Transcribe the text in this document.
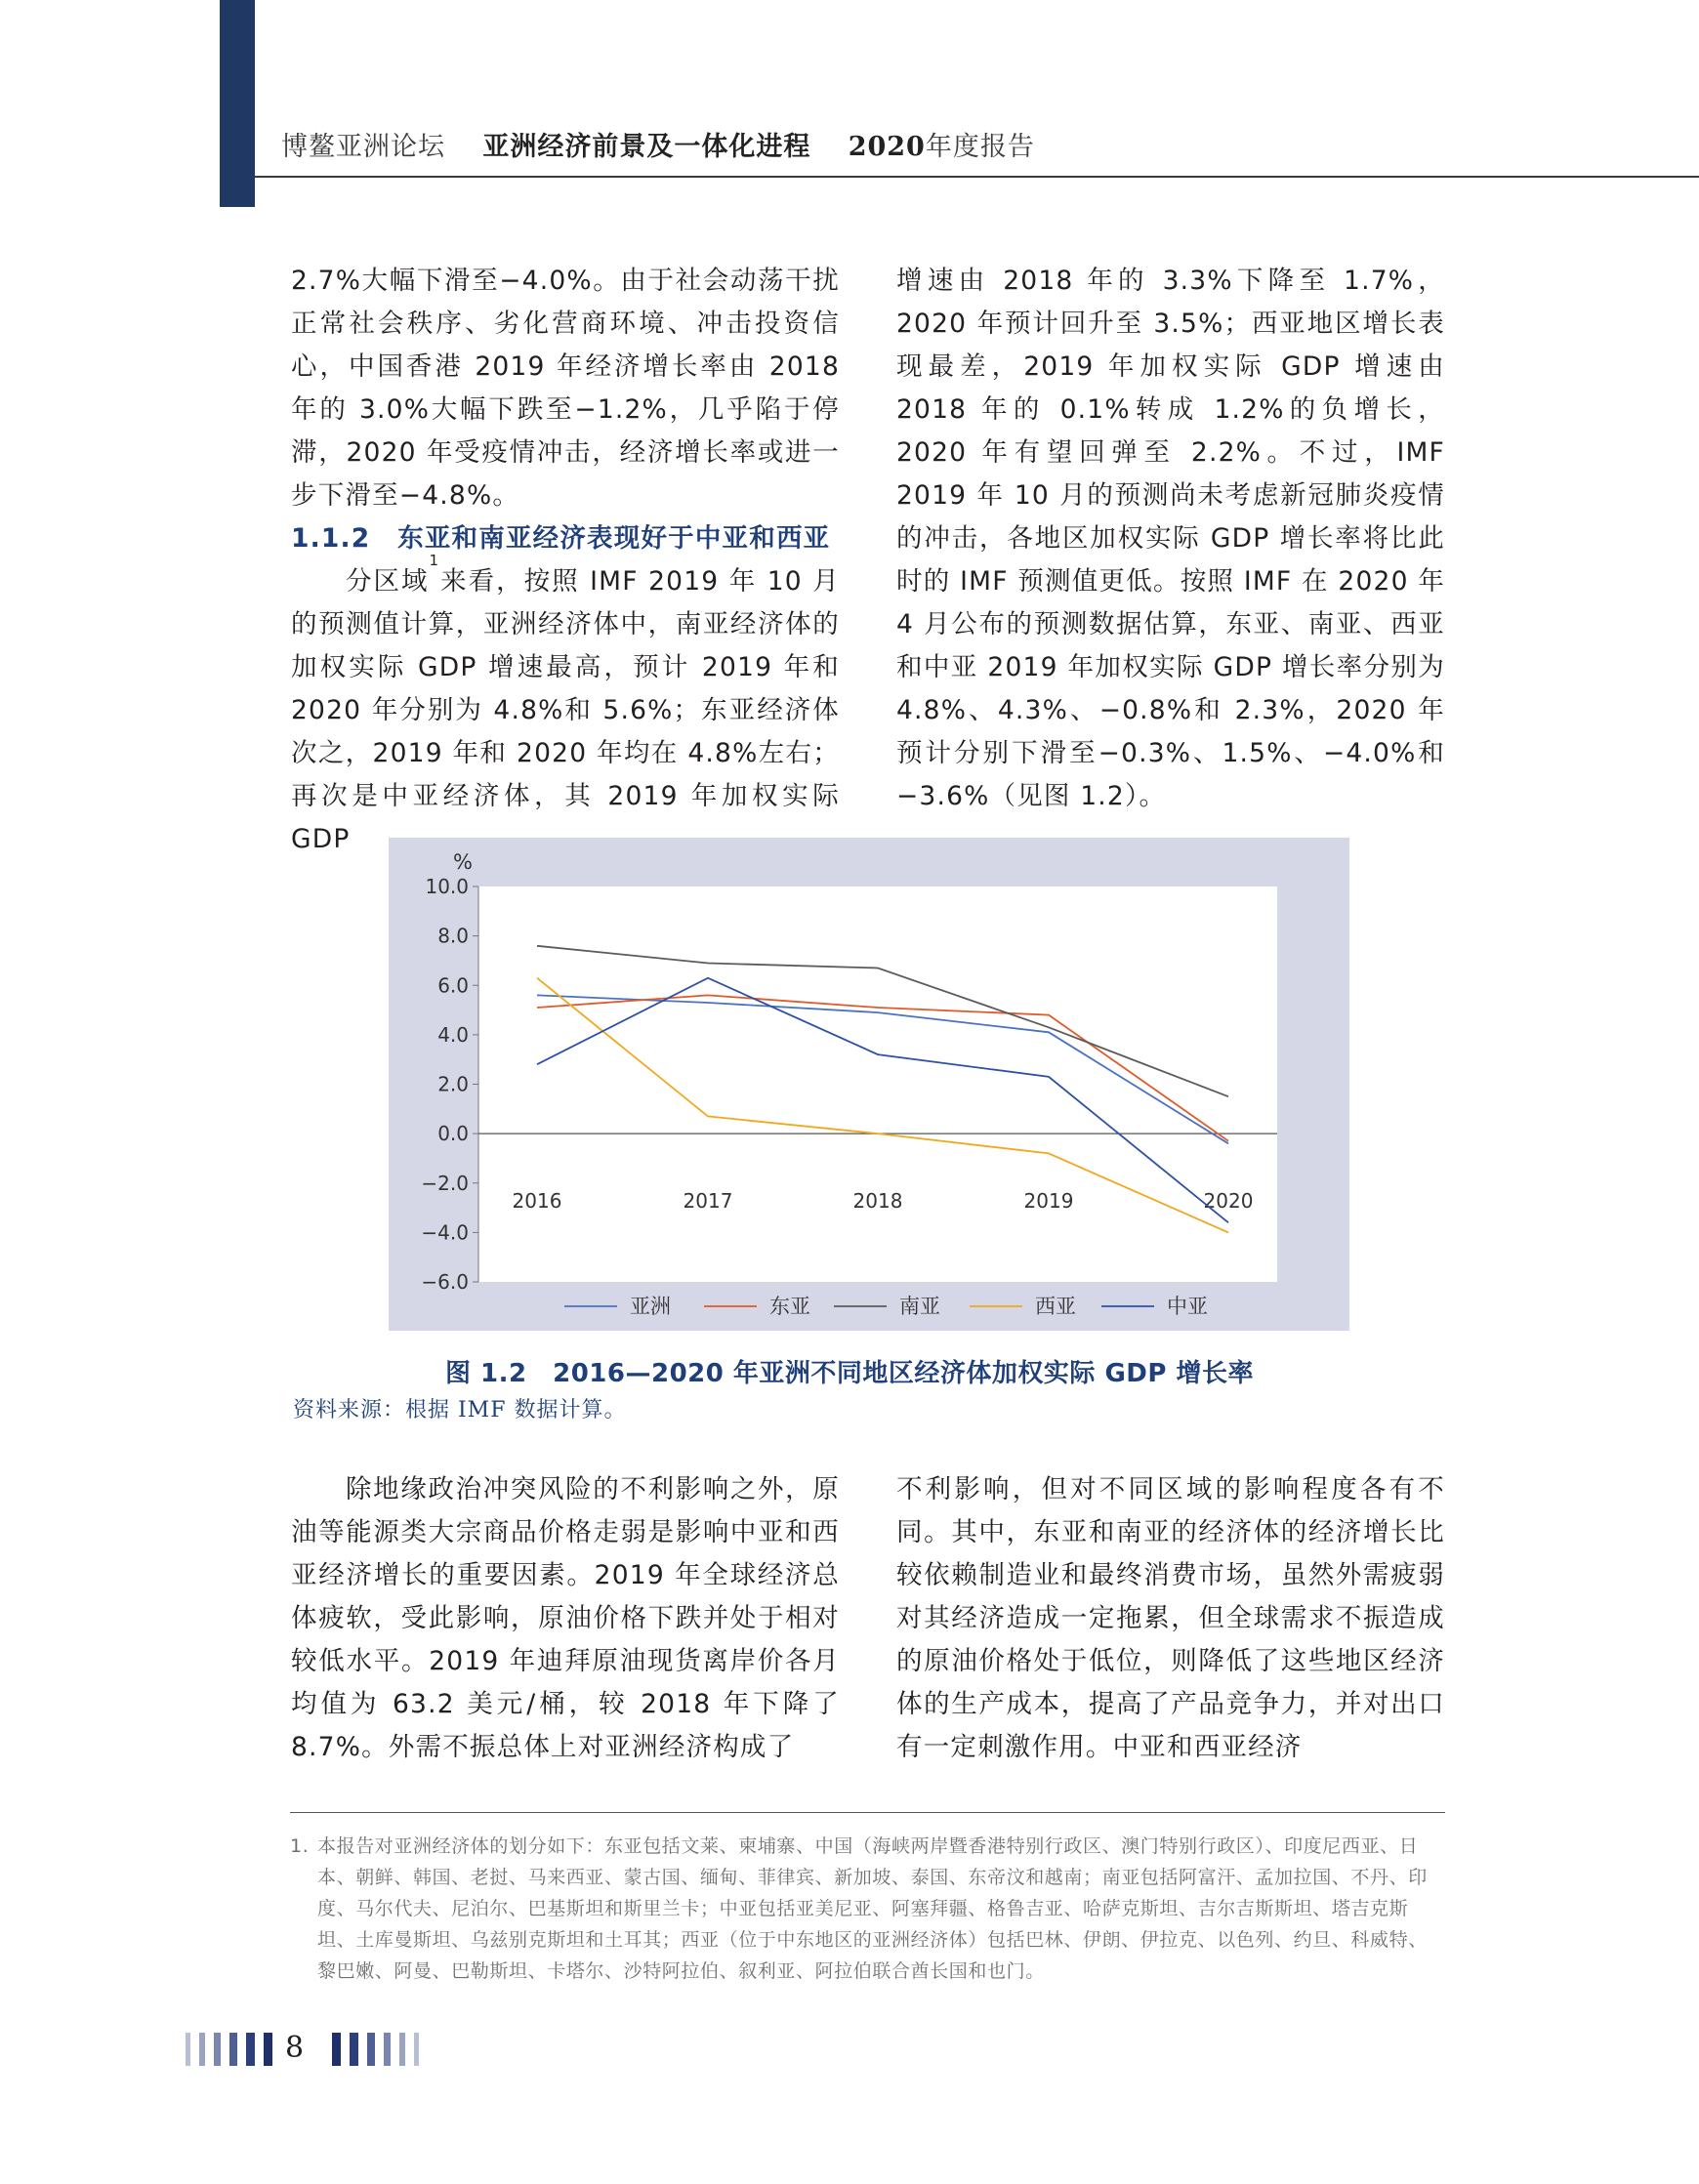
博鳌亚洲论坛 亚洲经济前景及一体化进程 2020年度报告

2.7%大幅下滑至−4.0%。由于社会动荡干扰正常社会秩序、劣化营商环境、冲击投资信心，中国香港 2019 年经济增长率由 2018 年的 3.0%大幅下跌至−1.2%，几乎陷于停滞，2020 年受疫情冲击，经济增长率或进一步下滑至−4.8%。

1.1.2　东亚和南亚经济表现好于中亚和西亚

分区域$^1$来看，按照 IMF 2019 年 10 月的预测值计算，亚洲经济体中，南亚经济体的加权实际 GDP 增速最高，预计 2019 年和 2020 年分别为 4.8%和 5.6%；东亚经济体次之，2019 年和 2020 年均在 4.8%左右；再次是中亚经济体，其 2019 年加权实际 GDP

增速由 2018 年的 3.3%下降至 1.7%，2020 年预计回升至 3.5%；西亚地区增长表现最差，2019 年加权实际 GDP 增速由 2018 年的 0.1%转成 1.2%的负增长，2020 年有望回弹至 2.2%。不过，IMF 2019 年 10 月的预测尚未考虑新冠肺炎疫情的冲击，各地区加权实际 GDP 增长率将比此时的 IMF 预测值更低。按照 IMF 在 2020 年 4 月公布的预测数据估算，东亚、南亚、西亚和中亚 2019 年加权实际 GDP 增长率分别为 4.8%、4.3%、−0.8%和 2.3%，2020 年预计分别下滑至−0.3%、1.5%、−4.0%和−3.6%（见图 1.2）。

%
10.0
8.0
6.0
4.0
2.0
0.0
−2.0
−4.0
−6.0
2016	2017	2018	2019	2020
亚洲	东亚	南亚	西亚	中亚
图 1.2　2016—2020 年亚洲不同地区经济体加权实际 GDP 增长率
资料来源：根据 IMF 数据计算。

除地缘政治冲突风险的不利影响之外，原油等能源类大宗商品价格走弱是影响中亚和西亚经济增长的重要因素。2019 年全球经济总体疲软，受此影响，原油价格下跌并处于相对较低水平。2019 年迪拜原油现货离岸价各月均值为 63.2 美元/桶，较 2018 年下降了 8.7%。外需不振总体上对亚洲经济构成了

不利影响，但对不同区域的影响程度各有不同。其中，东亚和南亚的经济体的经济增长比较依赖制造业和最终消费市场，虽然外需疲弱对其经济造成一定拖累，但全球需求不振造成的原油价格处于低位，则降低了这些地区经济体的生产成本，提高了产品竞争力，并对出口有一定刺激作用。中亚和西亚经济

1. 本报告对亚洲经济体的划分如下：东亚包括文莱、柬埔寨、中国（海峡两岸暨香港特别行政区、澳门特别行政区）、印度尼西亚、日本、朝鲜、韩国、老挝、马来西亚、蒙古国、缅甸、菲律宾、新加坡、泰国、东帝汶和越南；南亚包括阿富汗、孟加拉国、不丹、印度、马尔代夫、尼泊尔、巴基斯坦和斯里兰卡；中亚包括亚美尼亚、阿塞拜疆、格鲁吉亚、哈萨克斯坦、吉尔吉斯斯坦、塔吉克斯坦、土库曼斯坦、乌兹别克斯坦和土耳其；西亚（位于中东地区的亚洲经济体）包括巴林、伊朗、伊拉克、以色列、约旦、科威特、黎巴嫩、阿曼、巴勒斯坦、卡塔尔、沙特阿拉伯、叙利亚、阿拉伯联合酋长国和也门。
8
